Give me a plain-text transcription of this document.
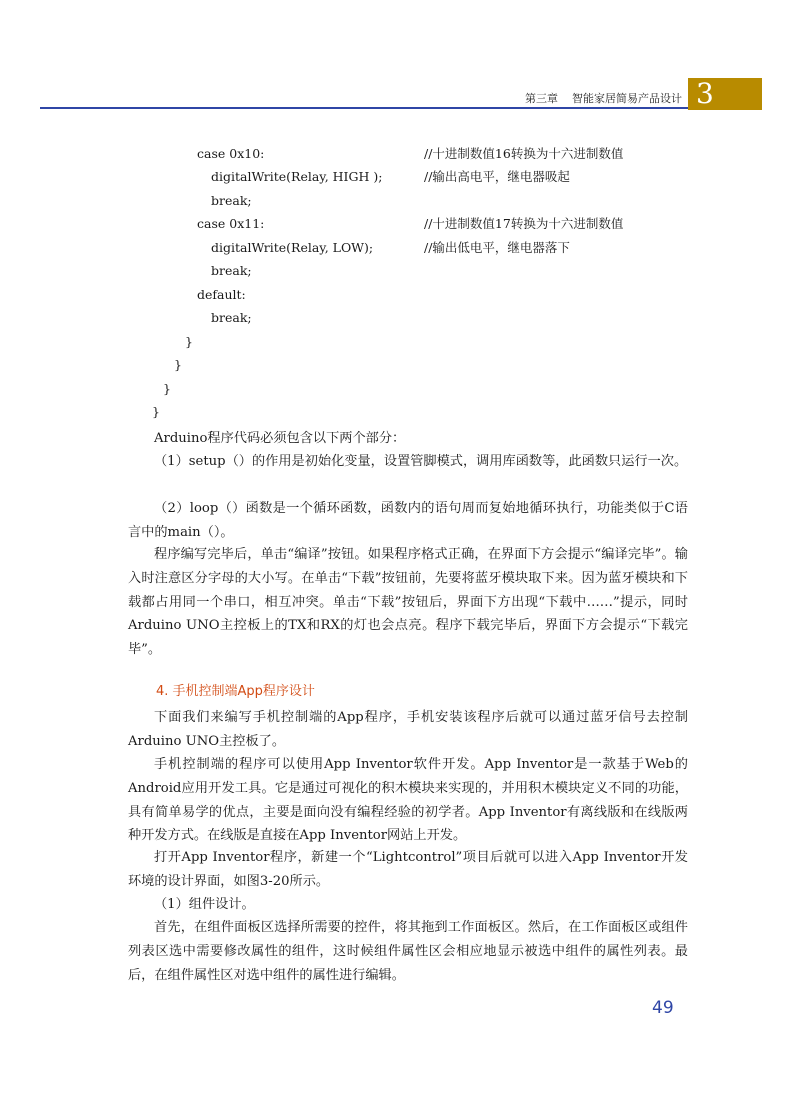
第三章 智能家居简易产品设计 3
case 0x10:	//十进制数值16转换为十六进制数值
digitalWrite(Relay, HIGH );	//输出高电平，继电器吸起
break;
case 0x11:	//十进制数值17转换为十六进制数值
digitalWrite(Relay, LOW);	//输出低电平，继电器落下
break;
default:
break;
}
}
}
}
Arduino程序代码必须包含以下两个部分：
（1）setup（）的作用是初始化变量，设置管脚模式，调用库函数等，此函数只运行一次。
（2）loop（）函数是一个循环函数，函数内的语句周而复始地循环执行，功能类似于C语言中的main（）。
程序编写完毕后，单击“编译”按钮。如果程序格式正确，在界面下方会提示“编译完毕”。输入时注意区分字母的大小写。在单击“下载”按钮前，先要将蓝牙模块取下来。因为蓝牙模块和下载都占用同一个串口，相互冲突。单击“下载”按钮后，界面下方出现“下载中……”提示，同时Arduino UNO主控板上的TX和RX的灯也会点亮。程序下载完毕后，界面下方会提示“下载完毕”。
4. 手机控制端App程序设计
下面我们来编写手机控制端的App程序，手机安装该程序后就可以通过蓝牙信号去控制Arduino UNO主控板了。
手机控制端的程序可以使用App Inventor软件开发。App Inventor是一款基于Web的Android应用开发工具。它是通过可视化的积木模块来实现的，并用积木模块定义不同的功能，具有简单易学的优点，主要是面向没有编程经验的初学者。App Inventor有离线版和在线版两种开发方式。在线版是直接在App Inventor网站上开发。
打开App Inventor程序，新建一个“Lightcontrol”项目后就可以进入App Inventor开发环境的设计界面，如图3-20所示。
（1）组件设计。
首先，在组件面板区选择所需要的控件，将其拖到工作面板区。然后，在工作面板区或组件列表区选中需要修改属性的组件，这时候组件属性区会相应地显示被选中组件的属性列表。最后，在组件属性区对选中组件的属性进行编辑。
49
